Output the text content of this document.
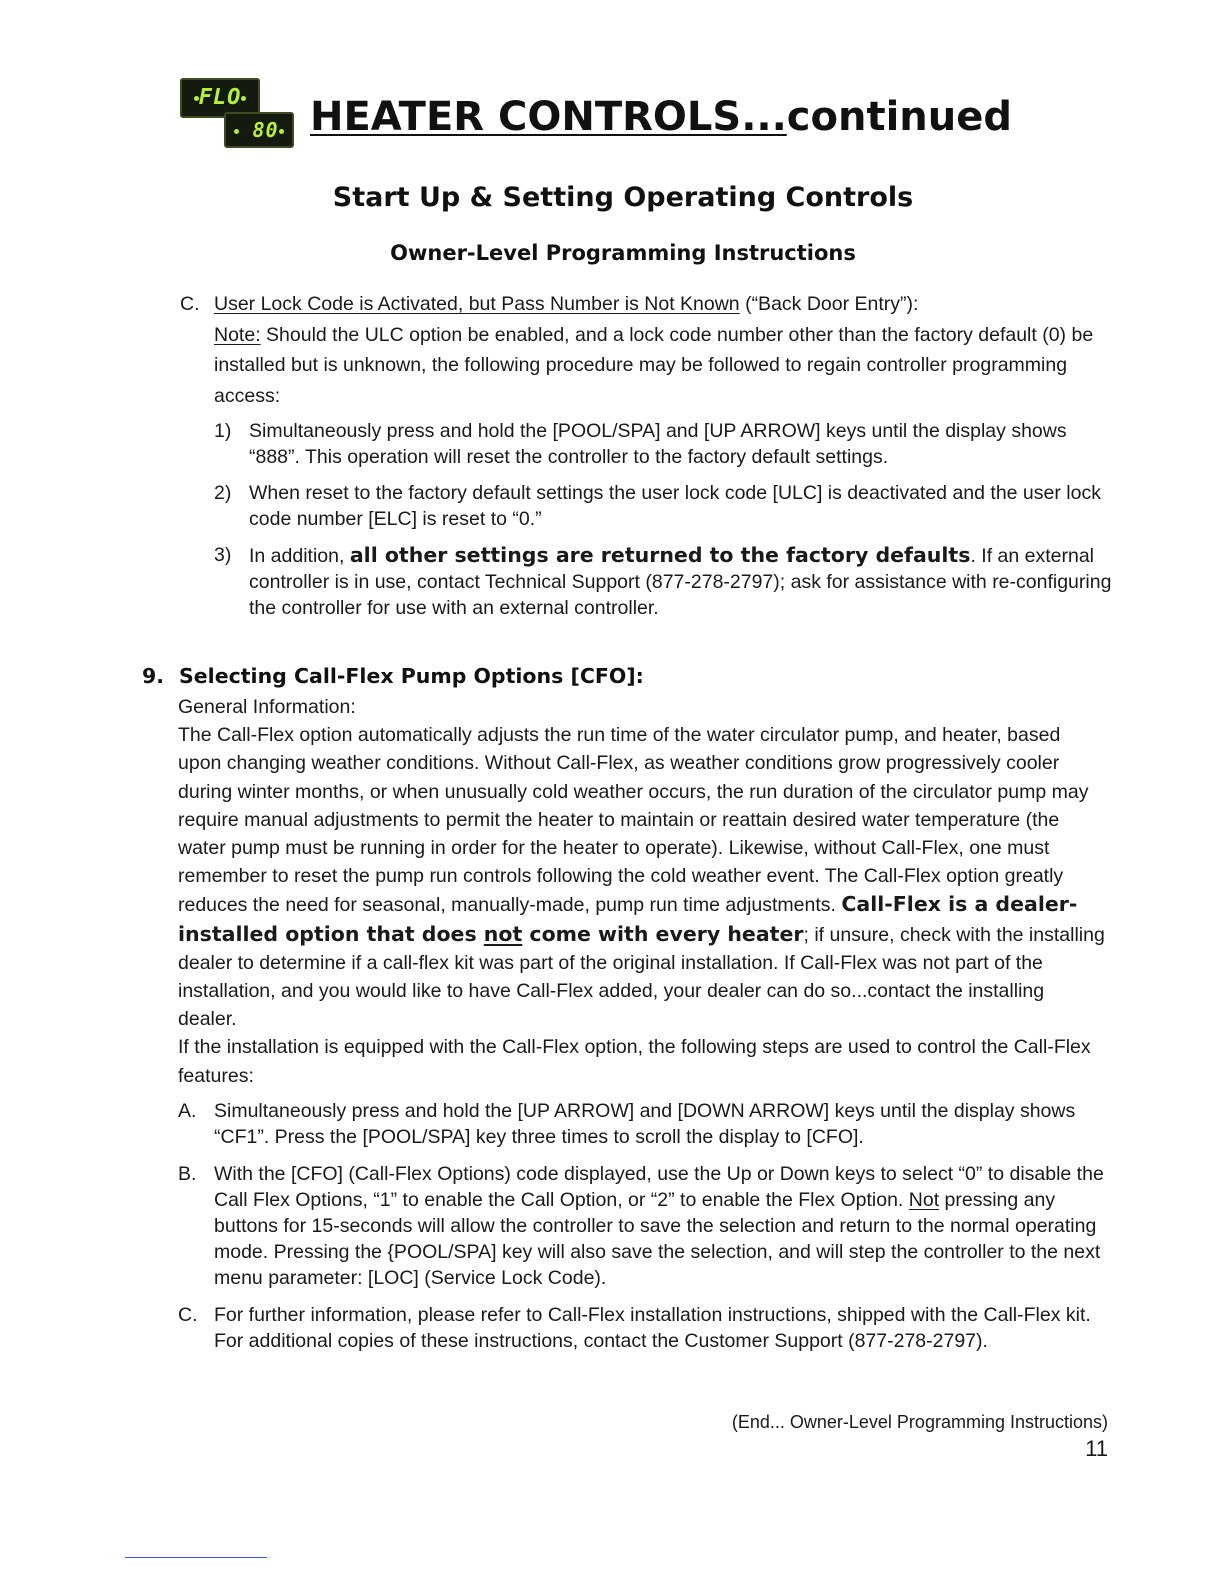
FLO
80 HEATER CONTROLS...continued
Start Up & Setting Operating Controls
Owner-Level Programming Instructions
C. User Lock Code is Activated, but Pass Number is Not Known (“Back Door Entry”):
Note: Should the ULC option be enabled, and a lock code number other than the factory default (0) be installed but is unknown, the following procedure may be followed to regain controller programming access:
1) Simultaneously press and hold the [POOL/SPA] and [UP ARROW] keys until the display shows “888”. This operation will reset the controller to the factory default settings.
2) When reset to the factory default settings the user lock code [ULC] is deactivated and the user lock code number [ELC] is reset to “0.”
3) In addition, all other settings are returned to the factory defaults. If an external controller is in use, contact Technical Support (877-278-2797); ask for assistance with re-configuring the controller for use with an external controller.
9. Selecting Call-Flex Pump Options [CFO]:
General Information:
The Call-Flex option automatically adjusts the run time of the water circulator pump, and heater, based upon changing weather conditions. Without Call-Flex, as weather conditions grow progressively cooler during winter months, or when unusually cold weather occurs, the run duration of the circulator pump may require manual adjustments to permit the heater to maintain or reattain desired water temperature (the water pump must be running in order for the heater to operate). Likewise, without Call-Flex, one must remember to reset the pump run controls following the cold weather event. The Call-Flex option greatly reduces the need for seasonal, manually-made, pump run time adjustments. Call-Flex is a dealer-installed option that does not come with every heater; if unsure, check with the installing dealer to determine if a call-flex kit was part of the original installation. If Call-Flex was not part of the installation, and you would like to have Call-Flex added, your dealer can do so...contact the installing dealer.
If the installation is equipped with the Call-Flex option, the following steps are used to control the Call-Flex features:
A. Simultaneously press and hold the [UP ARROW] and [DOWN ARROW] keys until the display shows “CF1”. Press the [POOL/SPA] key three times to scroll the display to [CFO].
B. With the [CFO] (Call-Flex Options) code displayed, use the Up or Down keys to select “0” to disable the Call Flex Options, “1” to enable the Call Option, or “2” to enable the Flex Option. Not pressing any buttons for 15-seconds will allow the controller to save the selection and return to the normal operating mode. Pressing the {POOL/SPA] key will also save the selection, and will step the controller to the next menu parameter: [LOC] (Service Lock Code).
C. For further information, please refer to Call-Flex installation instructions, shipped with the Call-Flex kit. For additional copies of these instructions, contact the Customer Support (877-278-2797).
(End... Owner-Level Programming Instructions)
11
